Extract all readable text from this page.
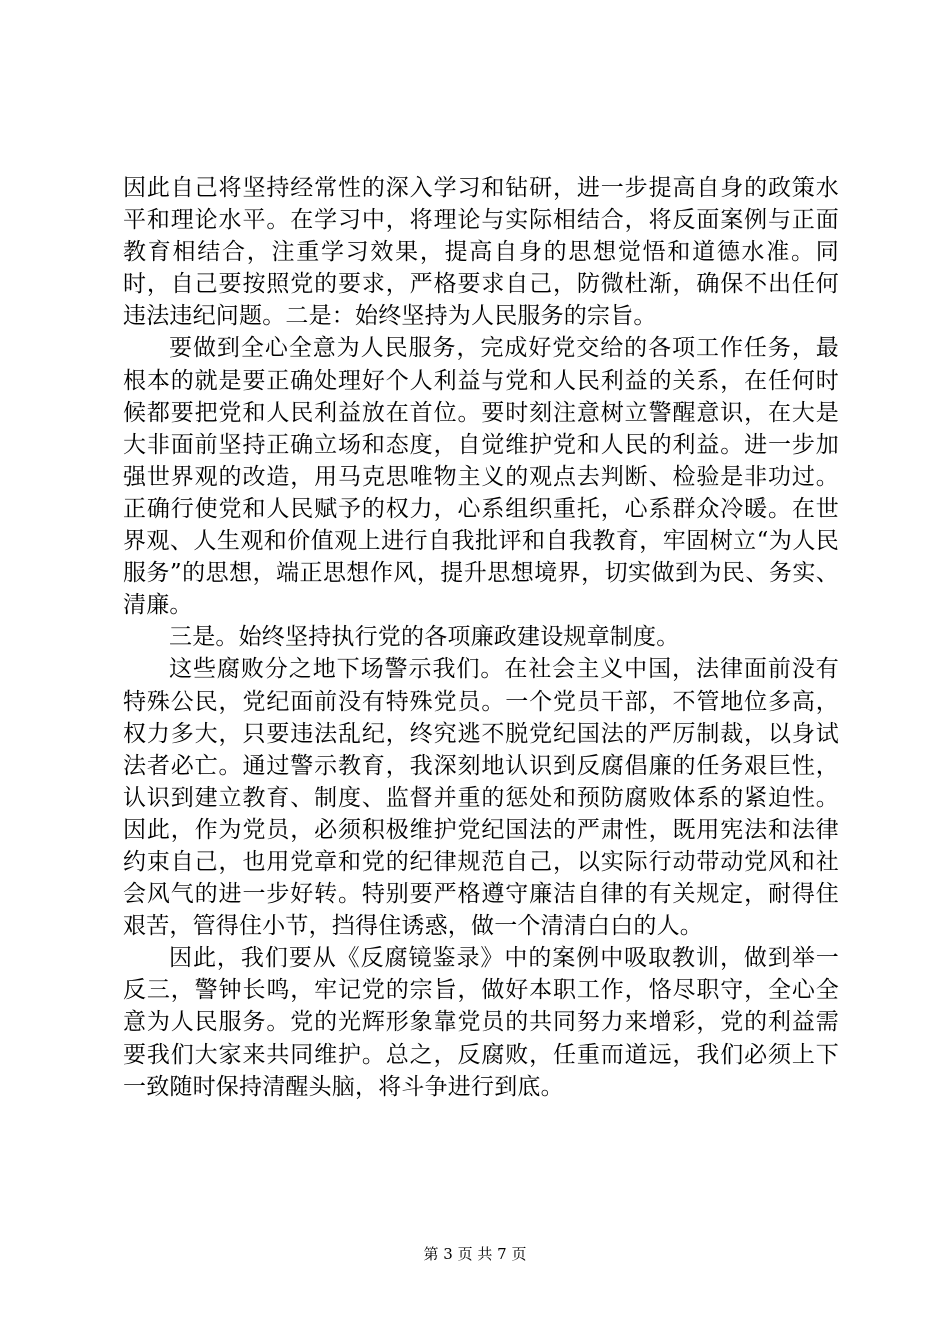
因此自己将坚持经常性的深入学习和钻研，进一步提高自身的政策水平和理论水平。在学习中，将理论与实际相结合，将反面案例与正面教育相结合，注重学习效果，提高自身的思想觉悟和道德水准。同时，自己要按照党的要求，严格要求自己，防微杜渐，确保不出任何违法违纪问题。二是：始终坚持为人民服务的宗旨。

要做到全心全意为人民服务，完成好党交给的各项工作任务，最根本的就是要正确处理好个人利益与党和人民利益的关系，在任何时候都要把党和人民利益放在首位。要时刻注意树立警醒意识，在大是大非面前坚持正确立场和态度，自觉维护党和人民的利益。进一步加强世界观的改造，用马克思唯物主义的观点去判断、检验是非功过。正确行使党和人民赋予的权力，心系组织重托，心系群众冷暖。在世界观、人生观和价值观上进行自我批评和自我教育，牢固树立“为人民服务”的思想，端正思想作风，提升思想境界，切实做到为民、务实、清廉。

三是。始终坚持执行党的各项廉政建设规章制度。

这些腐败分之地下场警示我们。在社会主义中国，法律面前没有特殊公民，党纪面前没有特殊党员。一个党员干部，不管地位多高，权力多大，只要违法乱纪，终究逃不脱党纪国法的严厉制裁，以身试法者必亡。通过警示教育，我深刻地认识到反腐倡廉的任务艰巨性，认识到建立教育、制度、监督并重的惩处和预防腐败体系的紧迫性。因此，作为党员，必须积极维护党纪国法的严肃性，既用宪法和法律约束自己，也用党章和党的纪律规范自己，以实际行动带动党风和社会风气的进一步好转。特别要严格遵守廉洁自律的有关规定，耐得住艰苦，管得住小节，挡得住诱惑，做一个清清白白的人。

因此，我们要从《反腐镜鉴录》中的案例中吸取教训，做到举一反三，警钟长鸣，牢记党的宗旨，做好本职工作，恪尽职守，全心全意为人民服务。党的光辉形象靠党员的共同努力来增彩，党的利益需要我们大家来共同维护。总之，反腐败，任重而道远，我们必须上下一致随时保持清醒头脑，将斗争进行到底。

第 3 页 共 7 页
